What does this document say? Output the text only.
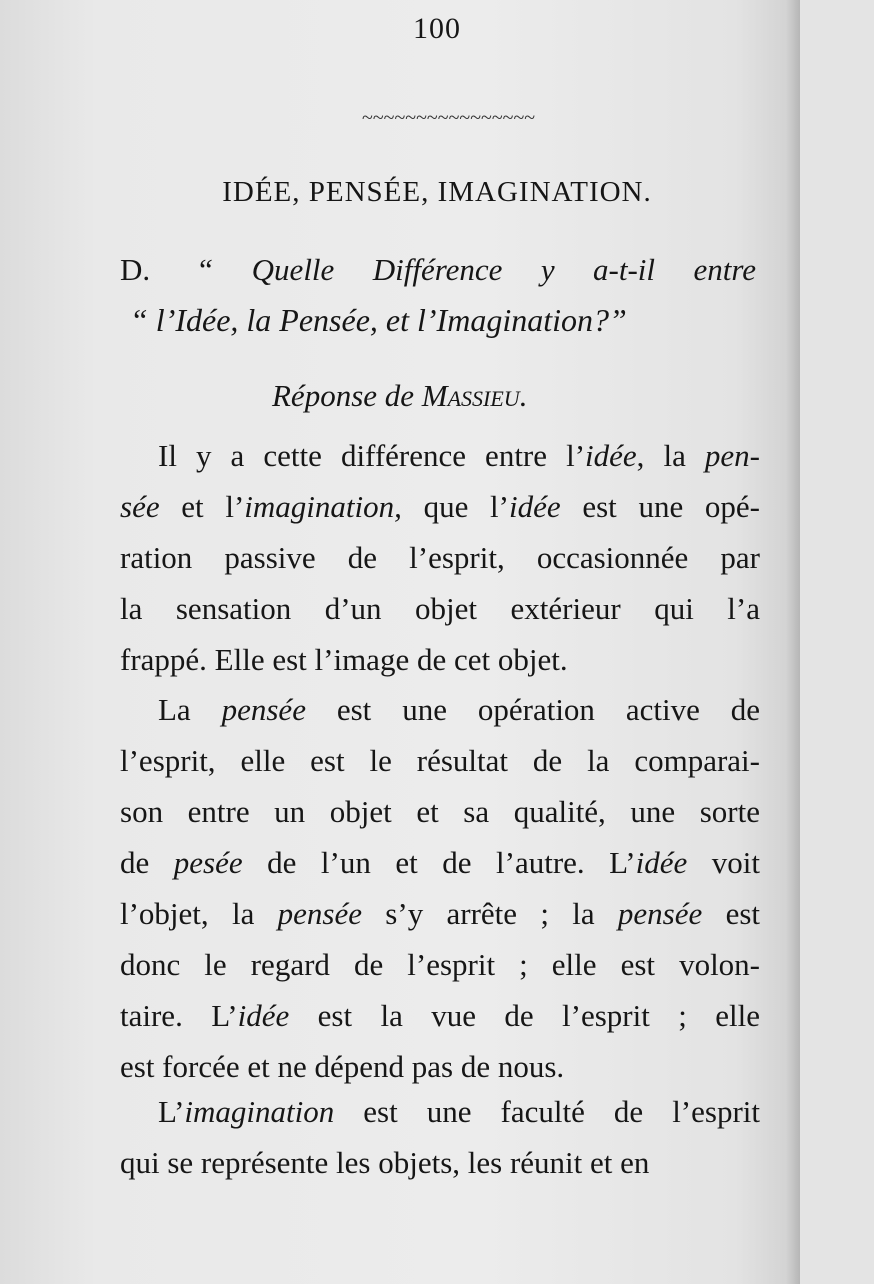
100
~~~~~~~~~~~~~~~~
IDÉE, PENSÉE, IMAGINATION.
D. “ Quelle Différence y a-t-il entre
“ l’Idée, la Pensée, et l’Imagination?”
Réponse de Massieu.
Il y a cette différence entre l’idée, la pen-
sée et l’imagination, que l’idée est une opé-
ration passive de l’esprit, occasionnée par
la sensation d’un objet extérieur qui l’a
frappé. Elle est l’image de cet objet.
La pensée est une opération active de
l’esprit, elle est le résultat de la comparai-
son entre un objet et sa qualité, une sorte
de pesée de l’un et de l’autre. L’idée voit
l’objet, la pensée s’y arrête ; la pensée est
donc le regard de l’esprit ; elle est volon-
taire. L’idée est la vue de l’esprit ; elle
est forcée et ne dépend pas de nous.
L’imagination est une faculté de l’esprit
qui se représente les objets, les réunit et en
